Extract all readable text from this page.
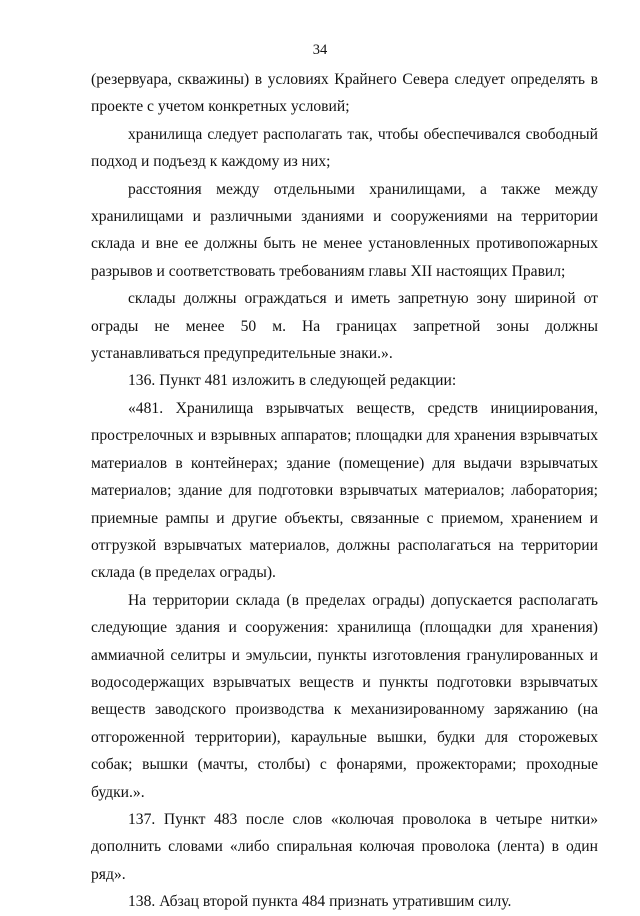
34

(резервуара, скважины) в условиях Крайнего Севера следует определять в проекте с учетом конкретных условий;

хранилища следует располагать так, чтобы обеспечивался свободный подход и подъезд к каждому из них;

расстояния между отдельными хранилищами, а также между хранилищами и различными зданиями и сооружениями на территории склада и вне ее должны быть не менее установленных противопожарных разрывов и соответствовать требованиям главы XII настоящих Правил;

склады должны ограждаться и иметь запретную зону шириной от ограды не менее 50 м. На границах запретной зоны должны устанавливаться предупредительные знаки.».

136. Пункт 481 изложить в следующей редакции:

«481. Хранилища взрывчатых веществ, средств инициирования, прострелочных и взрывных аппаратов; площадки для хранения взрывчатых материалов в контейнерах; здание (помещение) для выдачи взрывчатых материалов; здание для подготовки взрывчатых материалов; лаборатория; приемные рампы и другие объекты, связанные с приемом, хранением и отгрузкой взрывчатых материалов, должны располагаться на территории склада (в пределах ограды).

На территории склада (в пределах ограды) допускается располагать следующие здания и сооружения: хранилища (площадки для хранения) аммиачной селитры и эмульсии, пункты изготовления гранулированных и водосодержащих взрывчатых веществ и пункты подготовки взрывчатых веществ заводского производства к механизированному заряжанию (на отгороженной территории), караульные вышки, будки для сторожевых собак; вышки (мачты, столбы) с фонарями, прожекторами; проходные будки.».

137. Пункт 483 после слов «колючая проволока в четыре нитки» дополнить словами «либо спиральная колючая проволока (лента) в один ряд».

138. Абзац второй пункта 484 признать утратившим силу.
